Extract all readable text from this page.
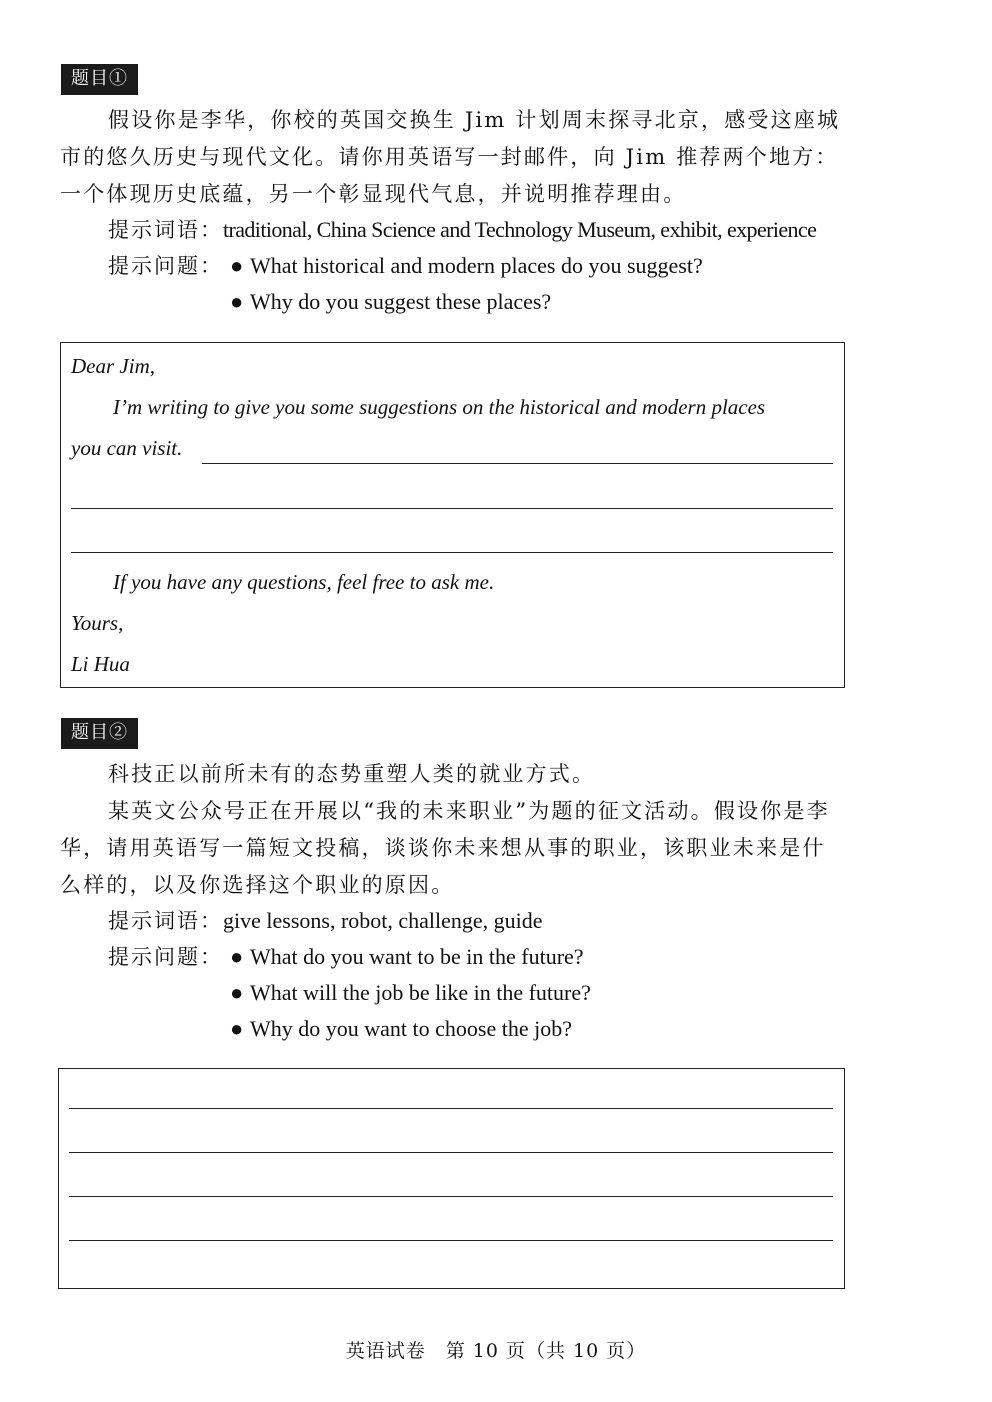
题目①

假设你是李华，你校的英国交换生 Jim 计划周末探寻北京，感受这座城市的悠久历史与现代文化。请你用英语写一封邮件，向 Jim 推荐两个地方：一个体现历史底蕴，另一个彰显现代气息，并说明推荐理由。

提示词语：traditional, China Science and Technology Museum, exhibit, experience
提示问题： ● What historical and modern places do you suggest?
● Why do you suggest these places?
Dear Jim,
I’m writing to give you some suggestions on the historical and modern places
you can visit.
If you have any questions, feel free to ask me.
Yours,
Li Hua
题目②

科技正以前所未有的态势重塑人类的就业方式。

某英文公众号正在开展以“我的未来职业”为题的征文活动。假设你是李华，请用英语写一篇短文投稿，谈谈你未来想从事的职业，该职业未来是什么样的，以及你选择这个职业的原因。

提示词语：give lessons, robot, challenge, guide
提示问题： ● What do you want to be in the future?
● What will the job be like in the future?
● Why do you want to choose the job?
英语试卷　第 10 页（共 10 页）
